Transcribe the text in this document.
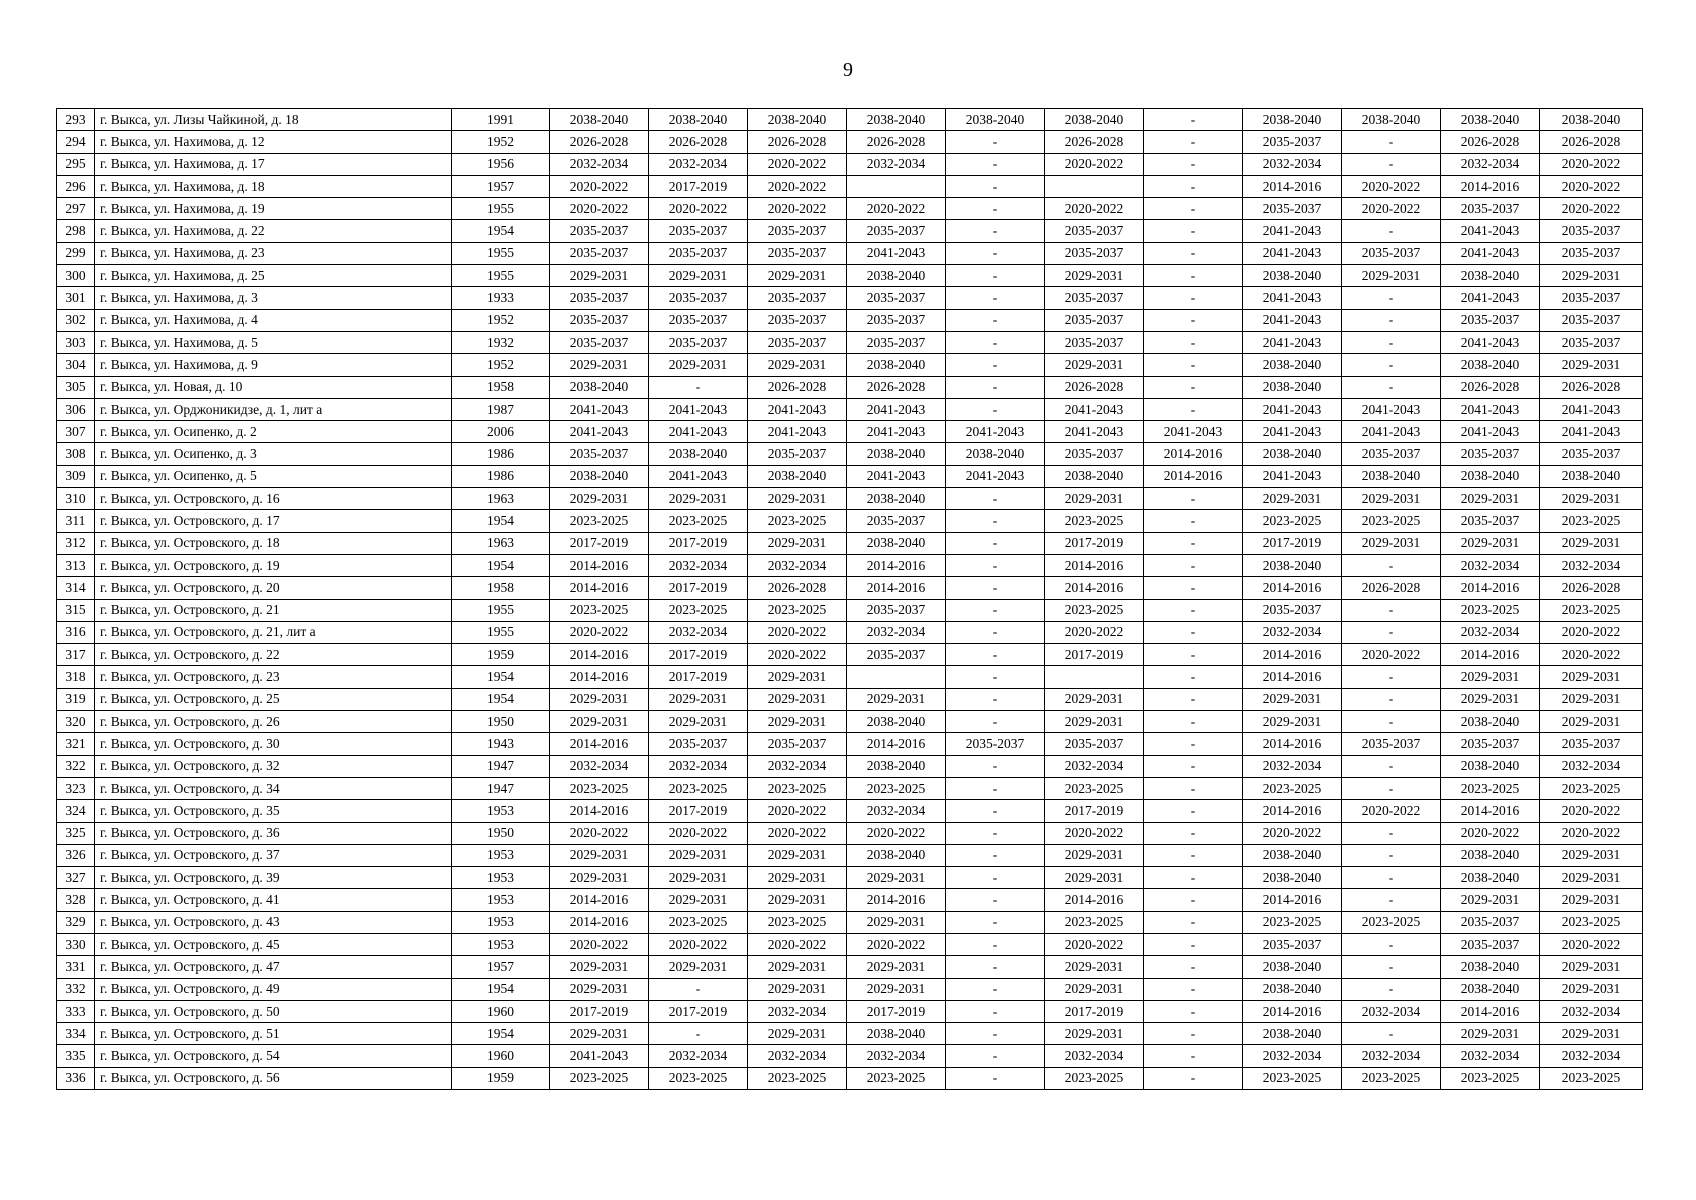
9
293	г. Выкса, ул. Лизы Чайкиной, д. 18	1991	2038-2040	2038-2040	2038-2040	2038-2040	2038-2040	2038-2040	-	2038-2040	2038-2040	2038-2040	2038-2040
294	г. Выкса, ул. Нахимова, д. 12	1952	2026-2028	2026-2028	2026-2028	2026-2028	-	2026-2028	-	2035-2037	-	2026-2028	2026-2028
295	г. Выкса, ул. Нахимова, д. 17	1956	2032-2034	2032-2034	2020-2022	2032-2034	-	2020-2022	-	2032-2034	-	2032-2034	2020-2022
296	г. Выкса, ул. Нахимова, д. 18	1957	2020-2022	2017-2019	2020-2022		-		-	2014-2016	2020-2022	2014-2016	2020-2022
297	г. Выкса, ул. Нахимова, д. 19	1955	2020-2022	2020-2022	2020-2022	2020-2022	-	2020-2022	-	2035-2037	2020-2022	2035-2037	2020-2022
298	г. Выкса, ул. Нахимова, д. 22	1954	2035-2037	2035-2037	2035-2037	2035-2037	-	2035-2037	-	2041-2043	-	2041-2043	2035-2037
299	г. Выкса, ул. Нахимова, д. 23	1955	2035-2037	2035-2037	2035-2037	2041-2043	-	2035-2037	-	2041-2043	2035-2037	2041-2043	2035-2037
300	г. Выкса, ул. Нахимова, д. 25	1955	2029-2031	2029-2031	2029-2031	2038-2040	-	2029-2031	-	2038-2040	2029-2031	2038-2040	2029-2031
301	г. Выкса, ул. Нахимова, д. 3	1933	2035-2037	2035-2037	2035-2037	2035-2037	-	2035-2037	-	2041-2043	-	2041-2043	2035-2037
302	г. Выкса, ул. Нахимова, д. 4	1952	2035-2037	2035-2037	2035-2037	2035-2037	-	2035-2037	-	2041-2043	-	2035-2037	2035-2037
303	г. Выкса, ул. Нахимова, д. 5	1932	2035-2037	2035-2037	2035-2037	2035-2037	-	2035-2037	-	2041-2043	-	2041-2043	2035-2037
304	г. Выкса, ул. Нахимова, д. 9	1952	2029-2031	2029-2031	2029-2031	2038-2040	-	2029-2031	-	2038-2040	-	2038-2040	2029-2031
305	г. Выкса, ул. Новая, д. 10	1958	2038-2040	-	2026-2028	2026-2028	-	2026-2028	-	2038-2040	-	2026-2028	2026-2028
306	г. Выкса, ул. Орджоникидзе, д. 1, лит а	1987	2041-2043	2041-2043	2041-2043	2041-2043	-	2041-2043	-	2041-2043	2041-2043	2041-2043	2041-2043
307	г. Выкса, ул. Осипенко, д. 2	2006	2041-2043	2041-2043	2041-2043	2041-2043	2041-2043	2041-2043	2041-2043	2041-2043	2041-2043	2041-2043	2041-2043
308	г. Выкса, ул. Осипенко, д. 3	1986	2035-2037	2038-2040	2035-2037	2038-2040	2038-2040	2035-2037	2014-2016	2038-2040	2035-2037	2035-2037	2035-2037
309	г. Выкса, ул. Осипенко, д. 5	1986	2038-2040	2041-2043	2038-2040	2041-2043	2041-2043	2038-2040	2014-2016	2041-2043	2038-2040	2038-2040	2038-2040
310	г. Выкса, ул. Островского, д. 16	1963	2029-2031	2029-2031	2029-2031	2038-2040	-	2029-2031	-	2029-2031	2029-2031	2029-2031	2029-2031
311	г. Выкса, ул. Островского, д. 17	1954	2023-2025	2023-2025	2023-2025	2035-2037	-	2023-2025	-	2023-2025	2023-2025	2035-2037	2023-2025
312	г. Выкса, ул. Островского, д. 18	1963	2017-2019	2017-2019	2029-2031	2038-2040	-	2017-2019	-	2017-2019	2029-2031	2029-2031	2029-2031
313	г. Выкса, ул. Островского, д. 19	1954	2014-2016	2032-2034	2032-2034	2014-2016	-	2014-2016	-	2038-2040	-	2032-2034	2032-2034
314	г. Выкса, ул. Островского, д. 20	1958	2014-2016	2017-2019	2026-2028	2014-2016	-	2014-2016	-	2014-2016	2026-2028	2014-2016	2026-2028
315	г. Выкса, ул. Островского, д. 21	1955	2023-2025	2023-2025	2023-2025	2035-2037	-	2023-2025	-	2035-2037	-	2023-2025	2023-2025
316	г. Выкса, ул. Островского, д. 21, лит а	1955	2020-2022	2032-2034	2020-2022	2032-2034	-	2020-2022	-	2032-2034	-	2032-2034	2020-2022
317	г. Выкса, ул. Островского, д. 22	1959	2014-2016	2017-2019	2020-2022	2035-2037	-	2017-2019	-	2014-2016	2020-2022	2014-2016	2020-2022
318	г. Выкса, ул. Островского, д. 23	1954	2014-2016	2017-2019	2029-2031		-		-	2014-2016	-	2029-2031	2029-2031
319	г. Выкса, ул. Островского, д. 25	1954	2029-2031	2029-2031	2029-2031	2029-2031	-	2029-2031	-	2029-2031	-	2029-2031	2029-2031
320	г. Выкса, ул. Островского, д. 26	1950	2029-2031	2029-2031	2029-2031	2038-2040	-	2029-2031	-	2029-2031	-	2038-2040	2029-2031
321	г. Выкса, ул. Островского, д. 30	1943	2014-2016	2035-2037	2035-2037	2014-2016	2035-2037	2035-2037	-	2014-2016	2035-2037	2035-2037	2035-2037
322	г. Выкса, ул. Островского, д. 32	1947	2032-2034	2032-2034	2032-2034	2038-2040	-	2032-2034	-	2032-2034	-	2038-2040	2032-2034
323	г. Выкса, ул. Островского, д. 34	1947	2023-2025	2023-2025	2023-2025	2023-2025	-	2023-2025	-	2023-2025	-	2023-2025	2023-2025
324	г. Выкса, ул. Островского, д. 35	1953	2014-2016	2017-2019	2020-2022	2032-2034	-	2017-2019	-	2014-2016	2020-2022	2014-2016	2020-2022
325	г. Выкса, ул. Островского, д. 36	1950	2020-2022	2020-2022	2020-2022	2020-2022	-	2020-2022	-	2020-2022	-	2020-2022	2020-2022
326	г. Выкса, ул. Островского, д. 37	1953	2029-2031	2029-2031	2029-2031	2038-2040	-	2029-2031	-	2038-2040	-	2038-2040	2029-2031
327	г. Выкса, ул. Островского, д. 39	1953	2029-2031	2029-2031	2029-2031	2029-2031	-	2029-2031	-	2038-2040	-	2038-2040	2029-2031
328	г. Выкса, ул. Островского, д. 41	1953	2014-2016	2029-2031	2029-2031	2014-2016	-	2014-2016	-	2014-2016	-	2029-2031	2029-2031
329	г. Выкса, ул. Островского, д. 43	1953	2014-2016	2023-2025	2023-2025	2029-2031	-	2023-2025	-	2023-2025	2023-2025	2035-2037	2023-2025
330	г. Выкса, ул. Островского, д. 45	1953	2020-2022	2020-2022	2020-2022	2020-2022	-	2020-2022	-	2035-2037	-	2035-2037	2020-2022
331	г. Выкса, ул. Островского, д. 47	1957	2029-2031	2029-2031	2029-2031	2029-2031	-	2029-2031	-	2038-2040	-	2038-2040	2029-2031
332	г. Выкса, ул. Островского, д. 49	1954	2029-2031	-	2029-2031	2029-2031	-	2029-2031	-	2038-2040	-	2038-2040	2029-2031
333	г. Выкса, ул. Островского, д. 50	1960	2017-2019	2017-2019	2032-2034	2017-2019	-	2017-2019	-	2014-2016	2032-2034	2014-2016	2032-2034
334	г. Выкса, ул. Островского, д. 51	1954	2029-2031	-	2029-2031	2038-2040	-	2029-2031	-	2038-2040	-	2029-2031	2029-2031
335	г. Выкса, ул. Островского, д. 54	1960	2041-2043	2032-2034	2032-2034	2032-2034	-	2032-2034	-	2032-2034	2032-2034	2032-2034	2032-2034
336	г. Выкса, ул. Островского, д. 56	1959	2023-2025	2023-2025	2023-2025	2023-2025	-	2023-2025	-	2023-2025	2023-2025	2023-2025	2023-2025
